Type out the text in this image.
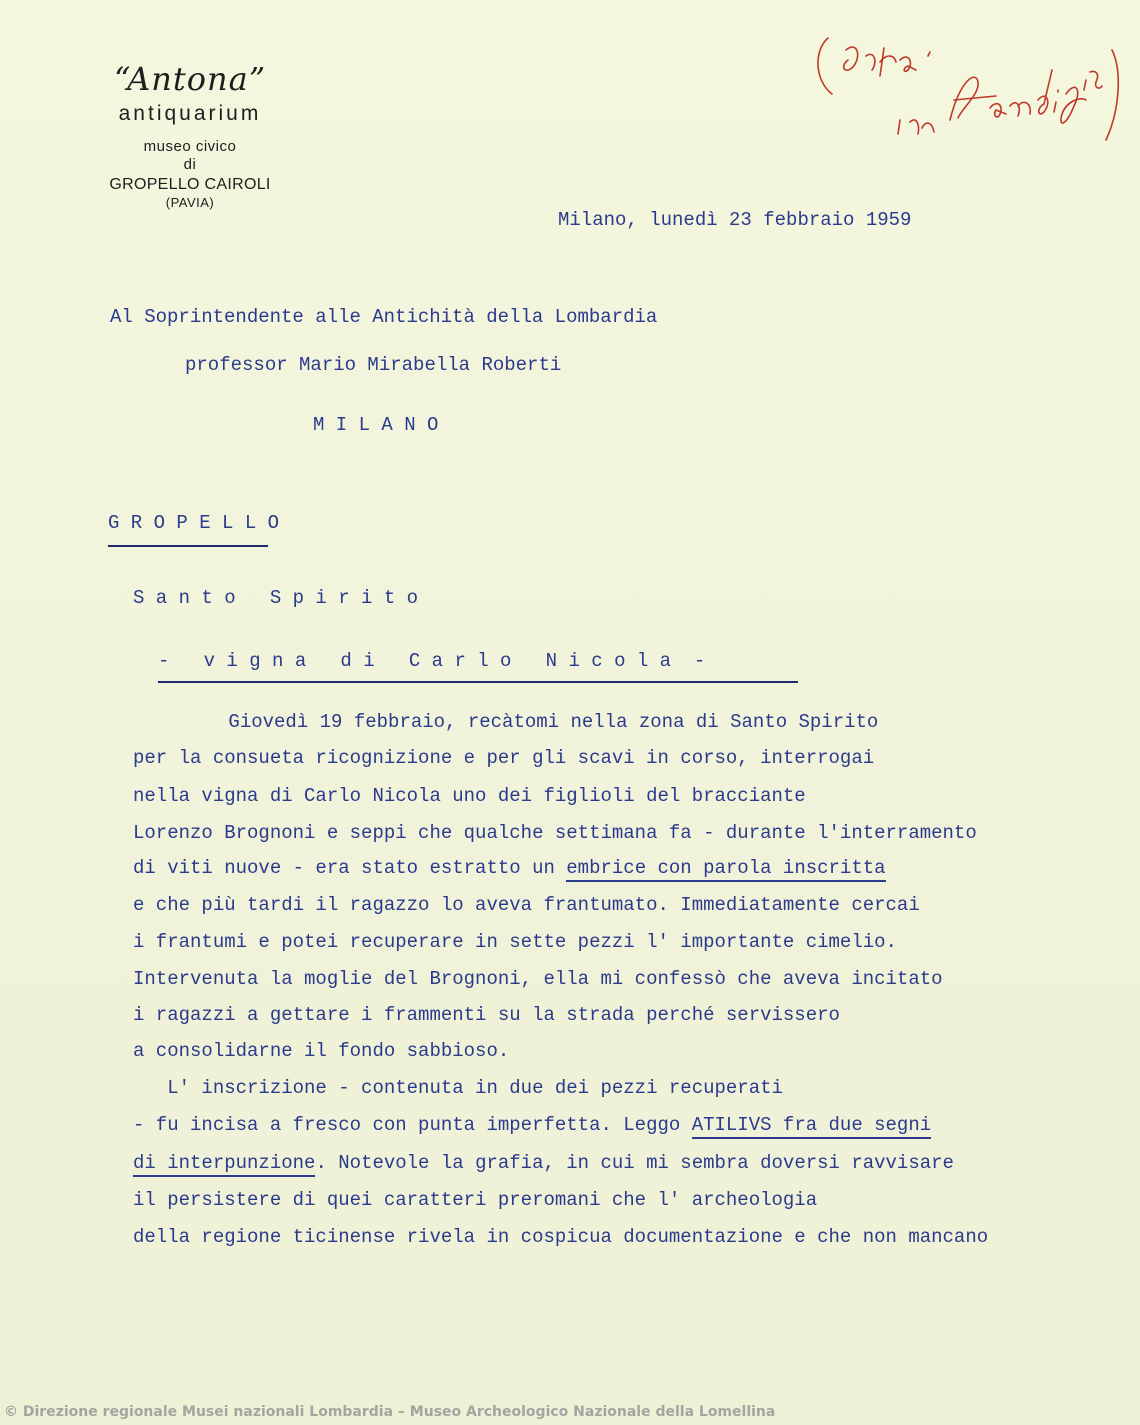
“Antona”
antiquarium
museo civico
di
GROPELLO CAIROLI
(PAVIA)
Copia
in franchigia
Milano, lunedì 23 febbraio 1959
Al Soprintendente alle Antichità della Lombardia
professor Mario Mirabella Roberti
M I L A N O
G R O P E L L O
S a n t o   S p i r i t o
-   v i g n a   d i   C a r l o   N i c o l a  -
Giovedì 19 febbraio, recàtomi nella zona di Santo Spirito
per la consueta ricognizione e per gli scavi in corso, interrogai
nella vigna di Carlo Nicola uno dei figlioli del bracciante
Lorenzo Brognoni e seppi che qualche settimana fa - durante l'interramento
di viti nuove - era stato estratto un embrice con parola inscritta
e che più tardi il ragazzo lo aveva frantumato. Immediatamente cercai
i frantumi e potei recuperare in sette pezzi l' importante cimelio.
Intervenuta la moglie del Brognoni, ella mi confessò che aveva incitato
i ragazzi a gettare i frammenti su la strada perché servissero
a consolidarne il fondo sabbioso.
L' inscrizione - contenuta in due dei pezzi recuperati
- fu incisa a fresco con punta imperfetta. Leggo ATILIVS fra due segni
di interpunzione. Notevole la grafia, in cui mi sembra doversi ravvisare
il persistere di quei caratteri preromani che l' archeologia
della regione ticinense rivela in cospicua documentazione e che non mancano
© Direzione regionale Musei nazionali Lombardia – Museo Archeologico Nazionale della Lomellina
